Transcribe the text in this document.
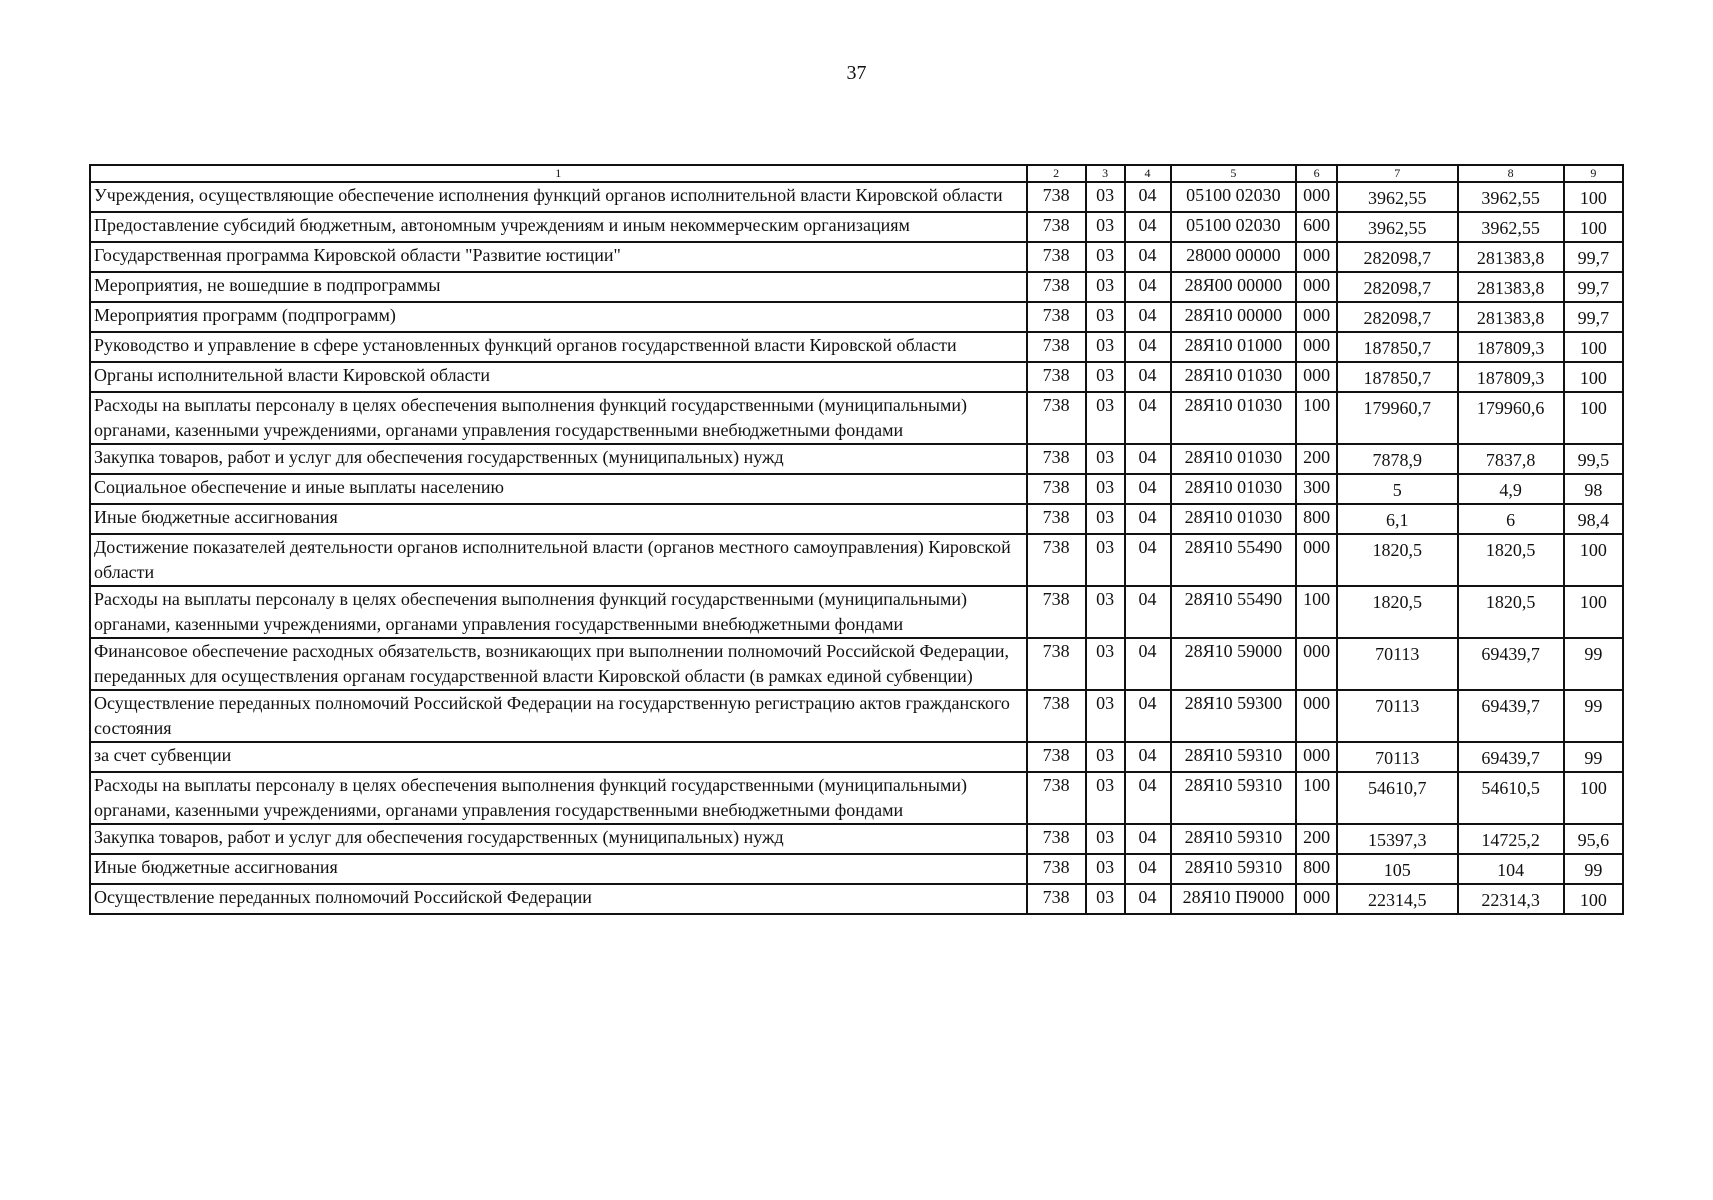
37
1	2	3	4	5	6	7	8	9
Учреждения, осуществляющие обеспечение исполнения функций органов исполнительной власти Кировской области	738	03	04	05100 02030	000	3962,55	3962,55	100
Предоставление субсидий бюджетным, автономным учреждениям и иным некоммерческим организациям	738	03	04	05100 02030	600	3962,55	3962,55	100
Государственная программа Кировской области "Развитие юстиции"	738	03	04	28000 00000	000	282098,7	281383,8	99,7
Мероприятия, не вошедшие в подпрограммы	738	03	04	28Я00 00000	000	282098,7	281383,8	99,7
Мероприятия программ (подпрограмм)	738	03	04	28Я10 00000	000	282098,7	281383,8	99,7
Руководство и управление в сфере установленных функций органов государственной власти Кировской области	738	03	04	28Я10 01000	000	187850,7	187809,3	100
Органы исполнительной власти Кировской области	738	03	04	28Я10 01030	000	187850,7	187809,3	100
Расходы на выплаты персоналу в целях обеспечения выполнения функций государственными (муниципальными) органами, казенными учреждениями, органами управления государственными внебюджетными фондами	738	03	04	28Я10 01030	100	179960,7	179960,6	100
Закупка товаров, работ и услуг для обеспечения государственных (муниципальных) нужд	738	03	04	28Я10 01030	200	7878,9	7837,8	99,5
Социальное обеспечение и иные выплаты населению	738	03	04	28Я10 01030	300	5	4,9	98
Иные бюджетные ассигнования	738	03	04	28Я10 01030	800	6,1	6	98,4
Достижение показателей деятельности органов исполнительной власти (органов местного самоуправления) Кировской области	738	03	04	28Я10 55490	000	1820,5	1820,5	100
Расходы на выплаты персоналу в целях обеспечения выполнения функций государственными (муниципальными) органами, казенными учреждениями, органами управления государственными внебюджетными фондами	738	03	04	28Я10 55490	100	1820,5	1820,5	100
Финансовое обеспечение расходных обязательств, возникающих при выполнении полномочий Российской Федерации, переданных для осуществления органам государственной власти Кировской области (в рамках единой субвенции)	738	03	04	28Я10 59000	000	70113	69439,7	99
Осуществление переданных полномочий Российской Федерации на государственную регистрацию актов гражданского состояния	738	03	04	28Я10 59300	000	70113	69439,7	99
за счет субвенции	738	03	04	28Я10 59310	000	70113	69439,7	99
Расходы на выплаты персоналу в целях обеспечения выполнения функций государственными (муниципальными) органами, казенными учреждениями, органами управления государственными внебюджетными фондами	738	03	04	28Я10 59310	100	54610,7	54610,5	100
Закупка товаров, работ и услуг для обеспечения государственных (муниципальных) нужд	738	03	04	28Я10 59310	200	15397,3	14725,2	95,6
Иные бюджетные ассигнования	738	03	04	28Я10 59310	800	105	104	99
Осуществление переданных полномочий Российской Федерации	738	03	04	28Я10 П9000	000	22314,5	22314,3	100
